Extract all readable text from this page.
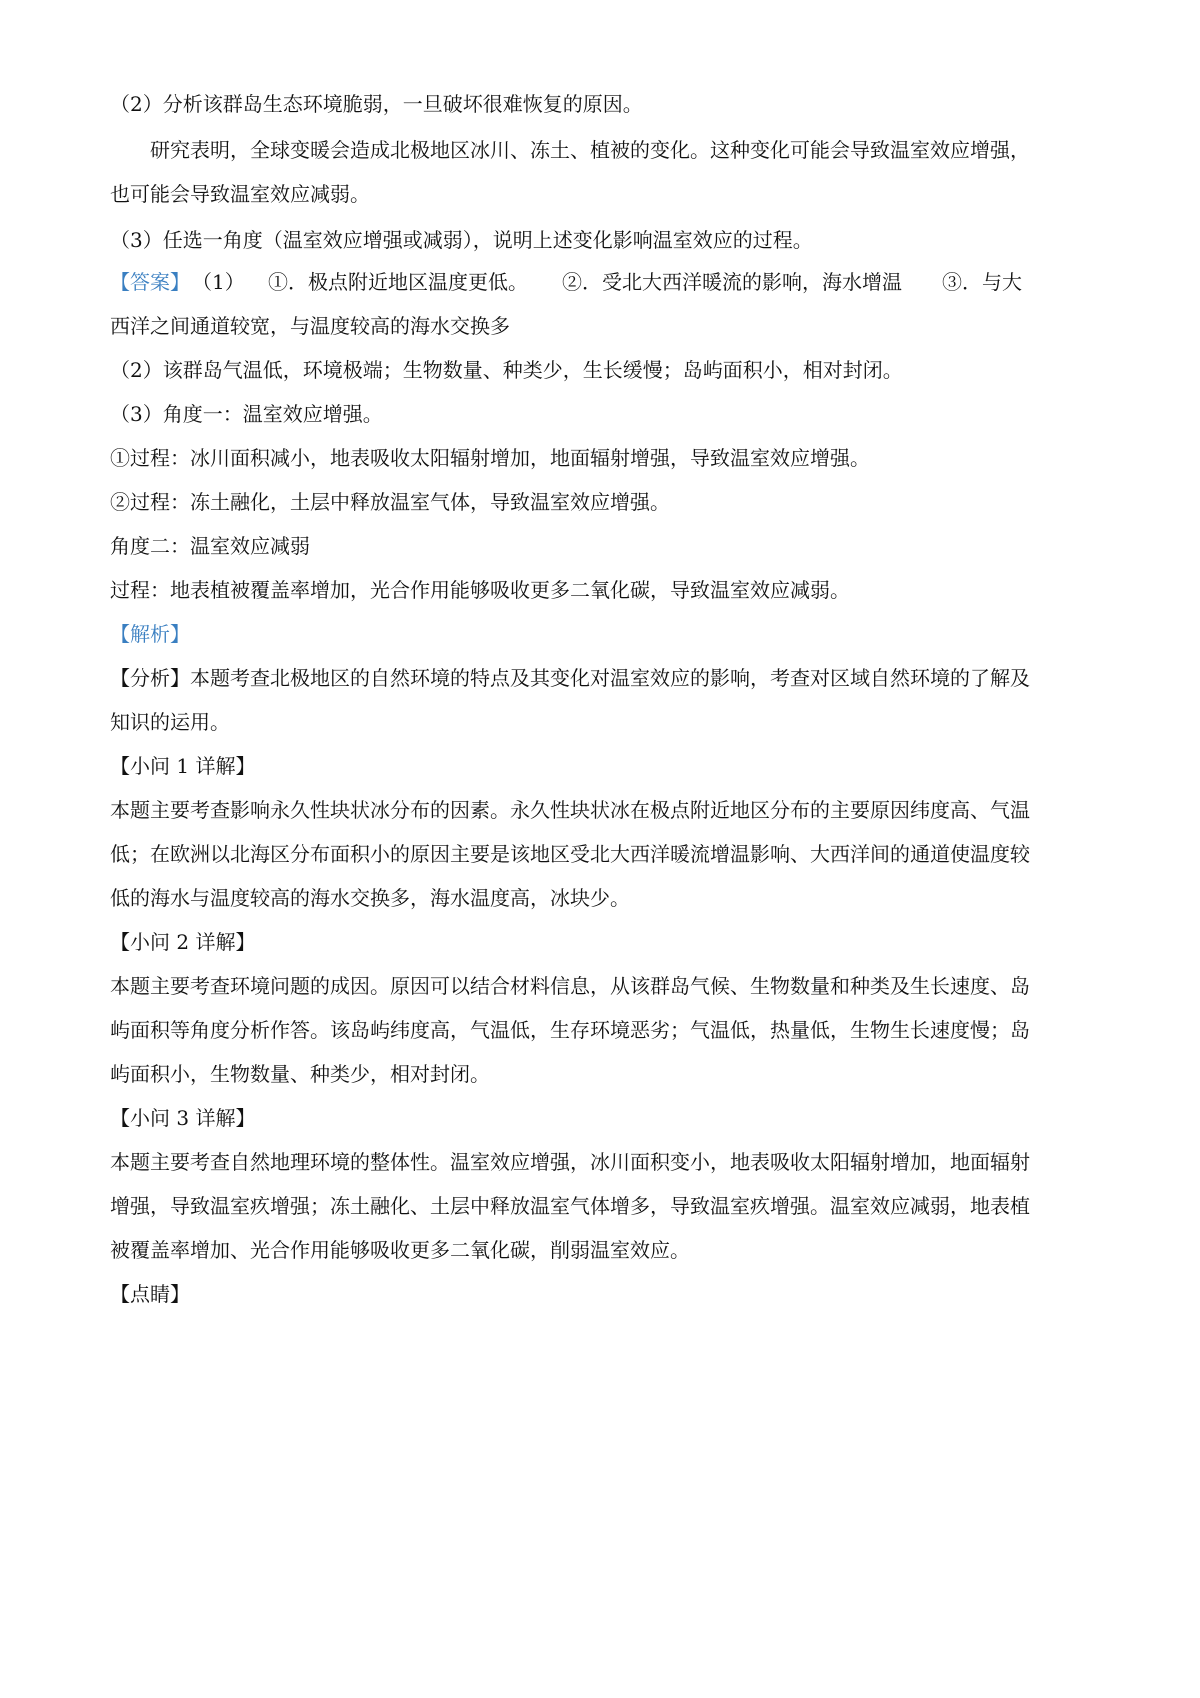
（2）分析该群岛生态环境脆弱，一旦破坏很难恢复的原因。
研究表明，全球变暖会造成北极地区冰川、冻土、植被的变化。这种变化可能会导致温室效应增强，
也可能会导致温室效应减弱。
（3）任选一角度（温室效应增强或减弱），说明上述变化影响温室效应的过程。
【答案】 （1） ①．极点附近地区温度更低。 ②．受北大西洋暖流的影响，海水增温 ③．与大
西洋之间通道较宽，与温度较高的海水交换多
（2）该群岛气温低，环境极端；生物数量、种类少，生长缓慢；岛屿面积小，相对封闭。
（3）角度一：温室效应增强。
①过程：冰川面积减小，地表吸收太阳辐射增加，地面辐射增强，导致温室效应增强。
②过程：冻土融化，土层中释放温室气体，导致温室效应增强。
角度二：温室效应减弱
过程：地表植被覆盖率增加，光合作用能够吸收更多二氧化碳，导致温室效应减弱。
【解析】
【分析】本题考查北极地区的自然环境的特点及其变化对温室效应的影响，考查对区域自然环境的了解及
知识的运用。
【小问 1 详解】
本题主要考查影响永久性块状冰分布的因素。永久性块状冰在极点附近地区分布的主要原因纬度高、气温
低；在欧洲以北海区分布面积小的原因主要是该地区受北大西洋暖流增温影响、大西洋间的通道使温度较
低的海水与温度较高的海水交换多，海水温度高，冰块少。
【小问 2 详解】
本题主要考查环境问题的成因。原因可以结合材料信息，从该群岛气候、生物数量和种类及生长速度、岛
屿面积等角度分析作答。该岛屿纬度高，气温低，生存环境恶劣；气温低，热量低，生物生长速度慢；岛
屿面积小，生物数量、种类少，相对封闭。
【小问 3 详解】
本题主要考查自然地理环境的整体性。温室效应增强，冰川面积变小，地表吸收太阳辐射增加，地面辐射
增强，导致温室疚增强；冻土融化、土层中释放温室气体增多，导致温室疚增强。温室效应减弱，地表植
被覆盖率增加、光合作用能够吸收更多二氧化碳，削弱温室效应。
【点睛】
